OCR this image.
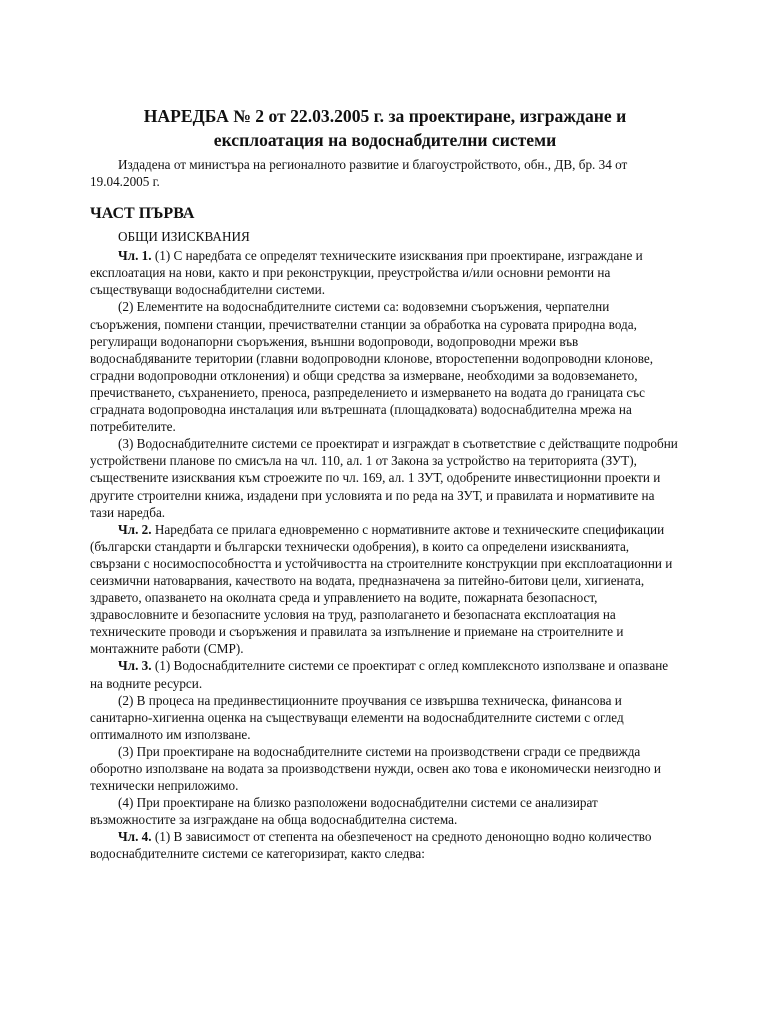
НАРЕДБА № 2 от 22.03.2005 г. за проектиране, изграждане и
експлоатация на водоснабдителни системи

Издадена от министъра на регионалното развитие и благоустройството, обн., ДВ, бр. 34 от 19.04.2005 г.

ЧАСТ ПЪРВА
ОБЩИ ИЗИСКВАНИЯ

Чл. 1. (1) С наредбата се определят техническите изисквания при проектиране, изграждане и експлоатация на нови, както и при реконструкции, преустройства и/или основни ремонти на съществуващи водоснабдителни системи.

(2) Елементите на водоснабдителните системи са: водовземни съоръжения, черпателни съоръжения, помпени станции, пречиствателни станции за обработка на суровата природна вода, регулиращи водонапорни съоръжения, външни водопроводи, водопроводни мрежи във водоснабдяваните територии (главни водопроводни клонове, второстепенни водопроводни клонове, сградни водопроводни отклонения) и общи средства за измерване, необходими за водовземането, пречистването, съхранението, преноса, разпределението и измерването на водата до границата със сградната водопроводна инсталация или вътрешната (площадковата) водоснабдителна мрежа на потребителите.

(3) Водоснабдителните системи се проектират и изграждат в съответствие с действащите подробни устройствени планове по смисъла на чл. 110, ал. 1 от Закона за устройство на територията (ЗУТ), съществените изисквания към строежите по чл. 169, ал. 1 ЗУТ, одобрените инвестиционни проекти и другите строителни книжа, издадени при условията и по реда на ЗУТ, и правилата и нормативите на тази наредба.

Чл. 2. Наредбата се прилага едновременно с нормативните актове и техническите спецификации (български стандарти и български технически одобрения), в които са определени изискванията, свързани с носимоспособността и устойчивостта на строителните конструкции при експлоатационни и сеизмични натоварвания, качеството на водата, предназначена за питейно-битови цели, хигиената, здравето, опазването на околната среда и управлението на водите, пожарната безопасност, здравословните и безопасните условия на труд, разполагането и безопасната експлоатация на техническите проводи и съоръжения и правилата за изпълнение и приемане на строителните и монтажните работи (СМР).

Чл. 3. (1) Водоснабдителните системи се проектират с оглед комплексното използване и опазване на водните ресурси.

(2) В процеса на прединвестиционните проучвания се извършва техническа, финансова и санитарно-хигиенна оценка на съществуващи елементи на водоснабдителните системи с оглед оптималното им използване.

(3) При проектиране на водоснабдителните системи на производствени сгради се предвижда оборотно използване на водата за производствени нужди, освен ако това е икономически неизгодно и технически неприложимо.

(4) При проектиране на близко разположени водоснабдителни системи се анализират възможностите за изграждане на обща водоснабдителна система.

Чл. 4. (1) В зависимост от степента на обезпеченост на средното денонощно водно количество водоснабдителните системи се категоризират, както следва:
